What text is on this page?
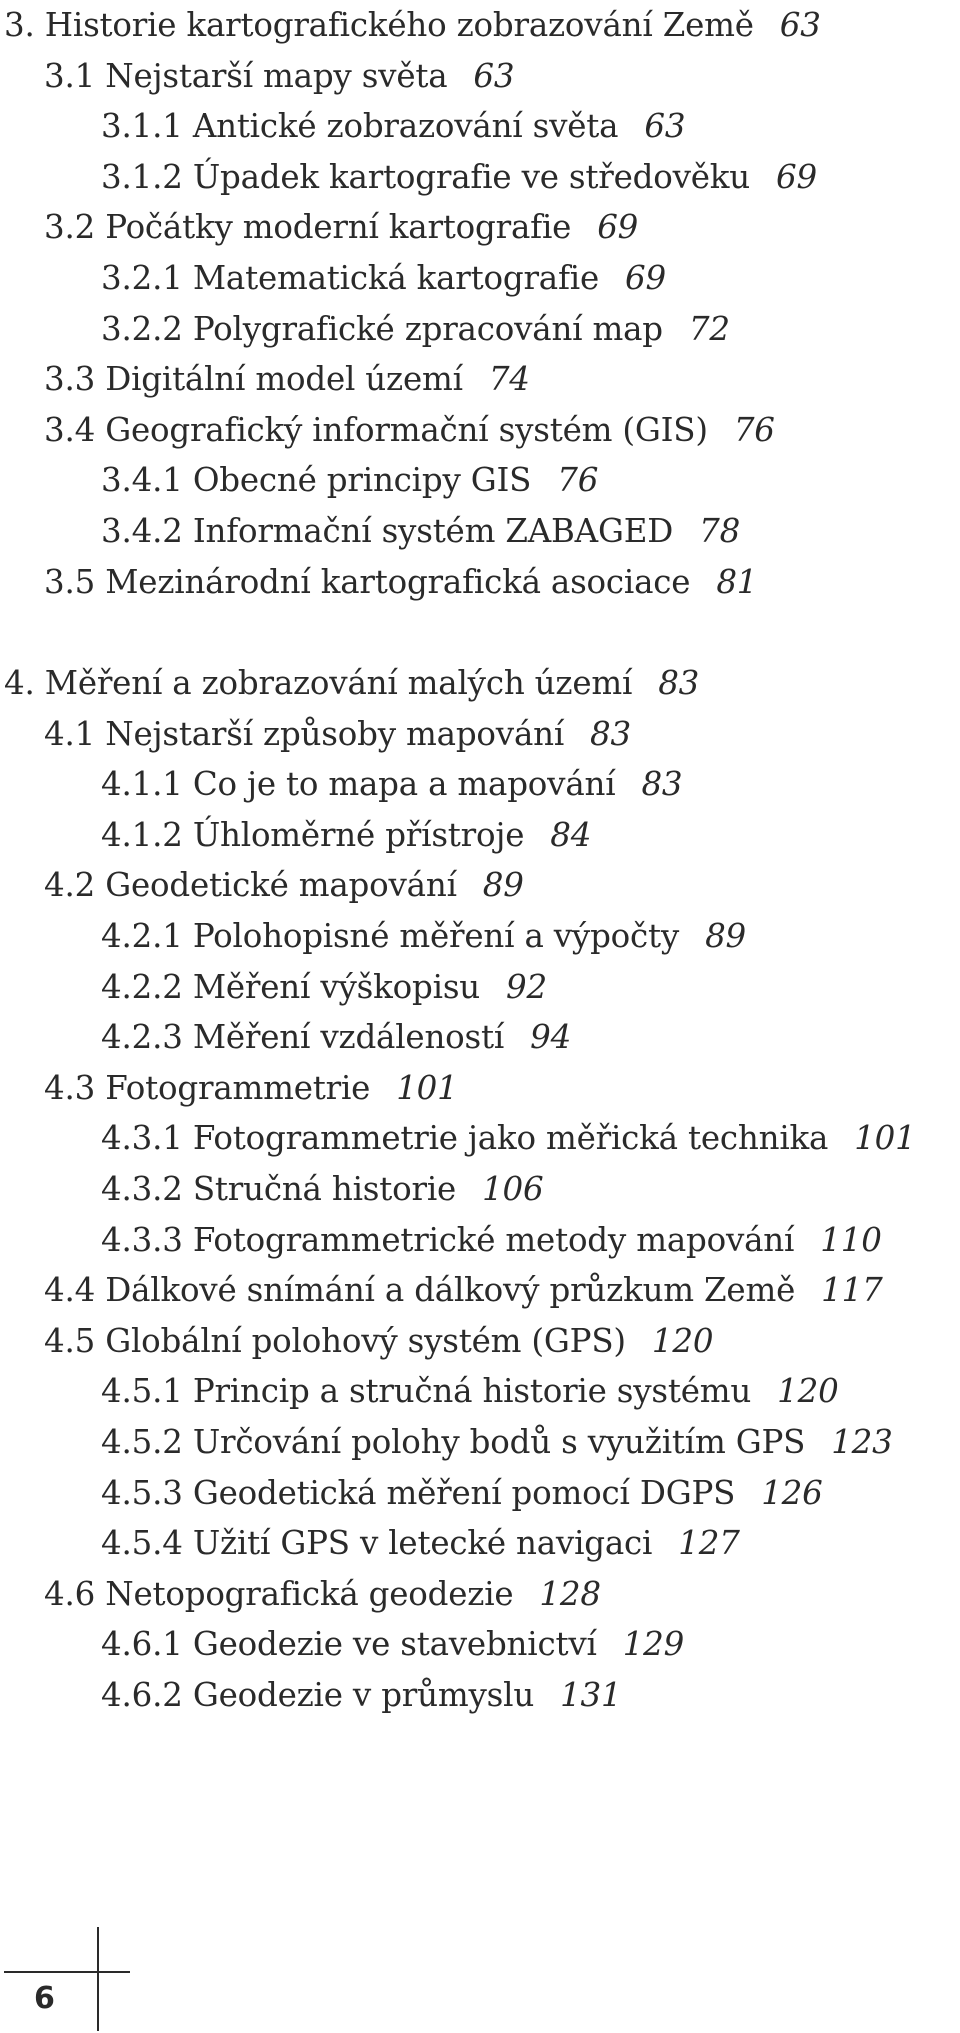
3. Historie kartografického zobrazování Země 63
3.1 Nejstarší mapy světa 63
3.1.1 Antické zobrazování světa 63
3.1.2 Úpadek kartografie ve středověku 69
3.2 Počátky moderní kartografie 69
3.2.1 Matematická kartografie 69
3.2.2 Polygrafické zpracování map 72
3.3 Digitální model území 74
3.4 Geografický informační systém (GIS) 76
3.4.1 Obecné principy GIS 76
3.4.2 Informační systém ZABAGED 78
3.5 Mezinárodní kartografická asociace 81
4. Měření a zobrazování malých území 83
4.1 Nejstarší způsoby mapování 83
4.1.1 Co je to mapa a mapování 83
4.1.2 Úhloměrné přístroje 84
4.2 Geodetické mapování 89
4.2.1 Polohopisné měření a výpočty 89
4.2.2 Měření výškopisu 92
4.2.3 Měření vzdáleností 94
4.3 Fotogrammetrie 101
4.3.1 Fotogrammetrie jako měřická technika 101
4.3.2 Stručná historie 106
4.3.3 Fotogrammetrické metody mapování 110
4.4 Dálkové snímání a dálkový průzkum Země 117
4.5 Globální polohový systém (GPS) 120
4.5.1 Princip a stručná historie systému 120
4.5.2 Určování polohy bodů s využitím GPS 123
4.5.3 Geodetická měření pomocí DGPS 126
4.5.4 Užití GPS v letecké navigaci 127
4.6 Netopografická geodezie 128
4.6.1 Geodezie ve stavebnictví 129
4.6.2 Geodezie v průmyslu 131
6
